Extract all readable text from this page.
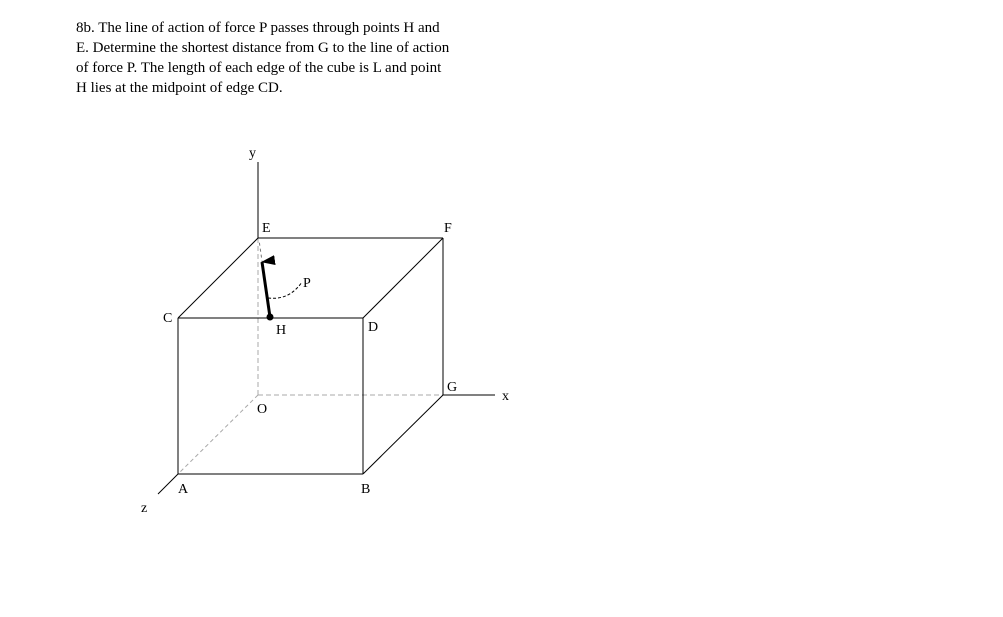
8b. The line of action of force P passes through points H and
E. Determine the shortest distance from G to the line of action
of force P. The length of each edge of the cube is L and point
H lies at the midpoint of edge CD.
y
E	F
P
C
H	D
G
x
O
A	B
z
